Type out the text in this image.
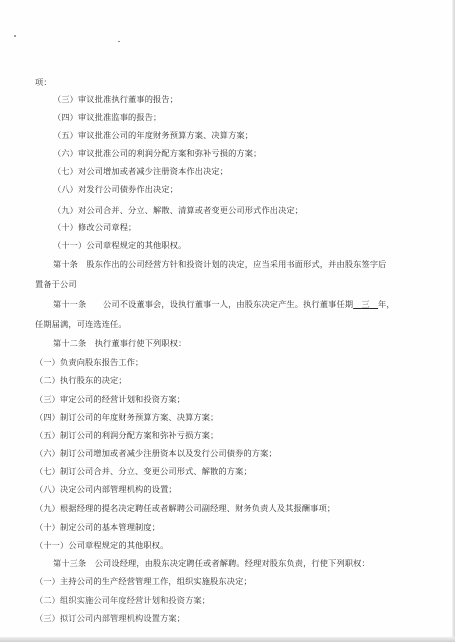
项：
（三）审议批准执行董事的报告；
（四）审议批准监事的报告；
（五）审议批准公司的年度财务预算方案、决算方案；
（六）审议批准公司的利润分配方案和弥补亏损的方案；
（七）对公司增加或者减少注册资本作出决定；
（八）对发行公司债券作出决定；
（九）对公司合并、分立、解散、清算或者变更公司形式作出决定；
（十）修改公司章程；
（十一）公司章程规定的其他职权。
第十条　股东作出的公司经营方针和投资计划的决定，应当采用书面形式，并由股东签字后
置备于公司
第十一条　　公司不设董事会，设执行董事一人，由股东决定产生。执行董事任期 三 年，
任期届满，可连选连任。
第十二条　执行董事行使下列职权：
（一）负责向股东报告工作；
（二）执行股东的决定；
（三）审定公司的经营计划和投资方案；
（四）制订公司的年度财务预算方案、决算方案；
（五）制订公司的利润分配方案和弥补亏损方案；
（六）制订公司增加或者减少注册资本以及发行公司债券的方案；
（七）制订公司合并、分立、变更公司形式、解散的方案；
（八）决定公司内部管理机构的设置；
（九）根据经理的提名决定聘任或者解聘公司副经理、财务负责人及其报酬事项；
（十）制定公司的基本管理制度；
（十一）公司章程规定的其他职权。
第十三条　公司设经理，由股东决定聘任或者解聘。经理对股东负责，行使下列职权：
（一）主持公司的生产经营管理工作，组织实施股东决定；
（二）组织实施公司年度经营计划和投资方案；
（三）拟订公司内部管理机构设置方案；
